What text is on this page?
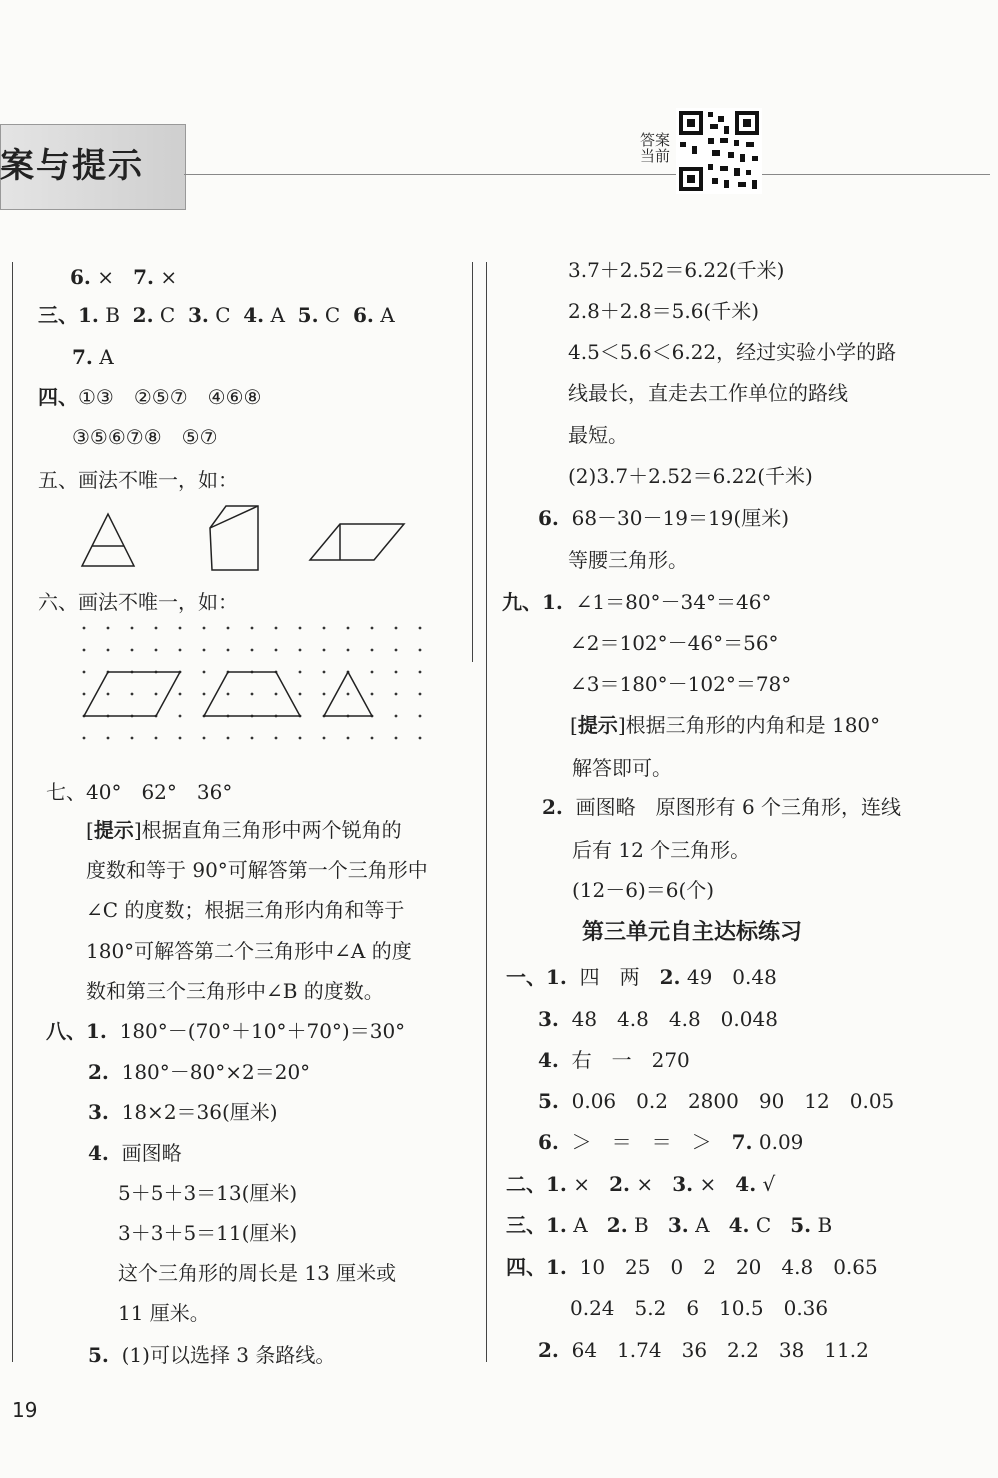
案与提示
答案
当前
6. × 7. ×
三、1. B 2. C 3. C 4. A 5. C 6. A
7. A
四、①③　②⑤⑦　④⑥⑧
③⑤⑥⑦⑧　⑤⑦
五、画法不唯一，如：
六、画法不唯一，如：
七、40°　62°　36°
[提示]根据直角三角形中两个锐角的
度数和等于 90°可解答第一个三角形中
∠C 的度数；根据三角形内角和等于
180°可解答第二个三角形中∠A 的度
数和第三个三角形中∠B 的度数。
八、1. 180°－(70°＋10°＋70°)＝30°
2. 180°－80°×2＝20°
3. 18×2＝36(厘米)
4. 画图略
5＋5＋3＝13(厘米)
3＋3＋5＝11(厘米)
这个三角形的周长是 13 厘米或
11 厘米。
5. (1)可以选择 3 条路线。
3.7＋2.52＝6.22(千米)
2.8＋2.8＝5.6(千米)
4.5＜5.6＜6.22，经过实验小学的路
线最长，直走去工作单位的路线
最短。
(2)3.7＋2.52＝6.22(千米)
6. 68－30－19＝19(厘米)
等腰三角形。
九、1. ∠1＝80°－34°＝46°
∠2＝102°－46°＝56°
∠3＝180°－102°＝78°
[提示]根据三角形的内角和是 180°
解答即可。
2. 画图略　原图形有 6 个三角形，连线
后有 12 个三角形。
(12－6)＝6(个)
第三单元自主达标练习
一、1. 四　两　2. 49　0.48
3. 48　4.8　4.8　0.048
4. 右　一　270
5. 0.06　0.2　2800　90　12　0.05
6. ＞　＝　＝　＞　7. 0.09
二、1. × 2. × 3. × 4. √
三、1. A 2. B 3. A 4. C 5. B
四、1. 10　25　0　2　20　4.8　0.65
0.24　5.2　6　10.5　0.36
2. 64　1.74　36　2.2　38　11.2
19
